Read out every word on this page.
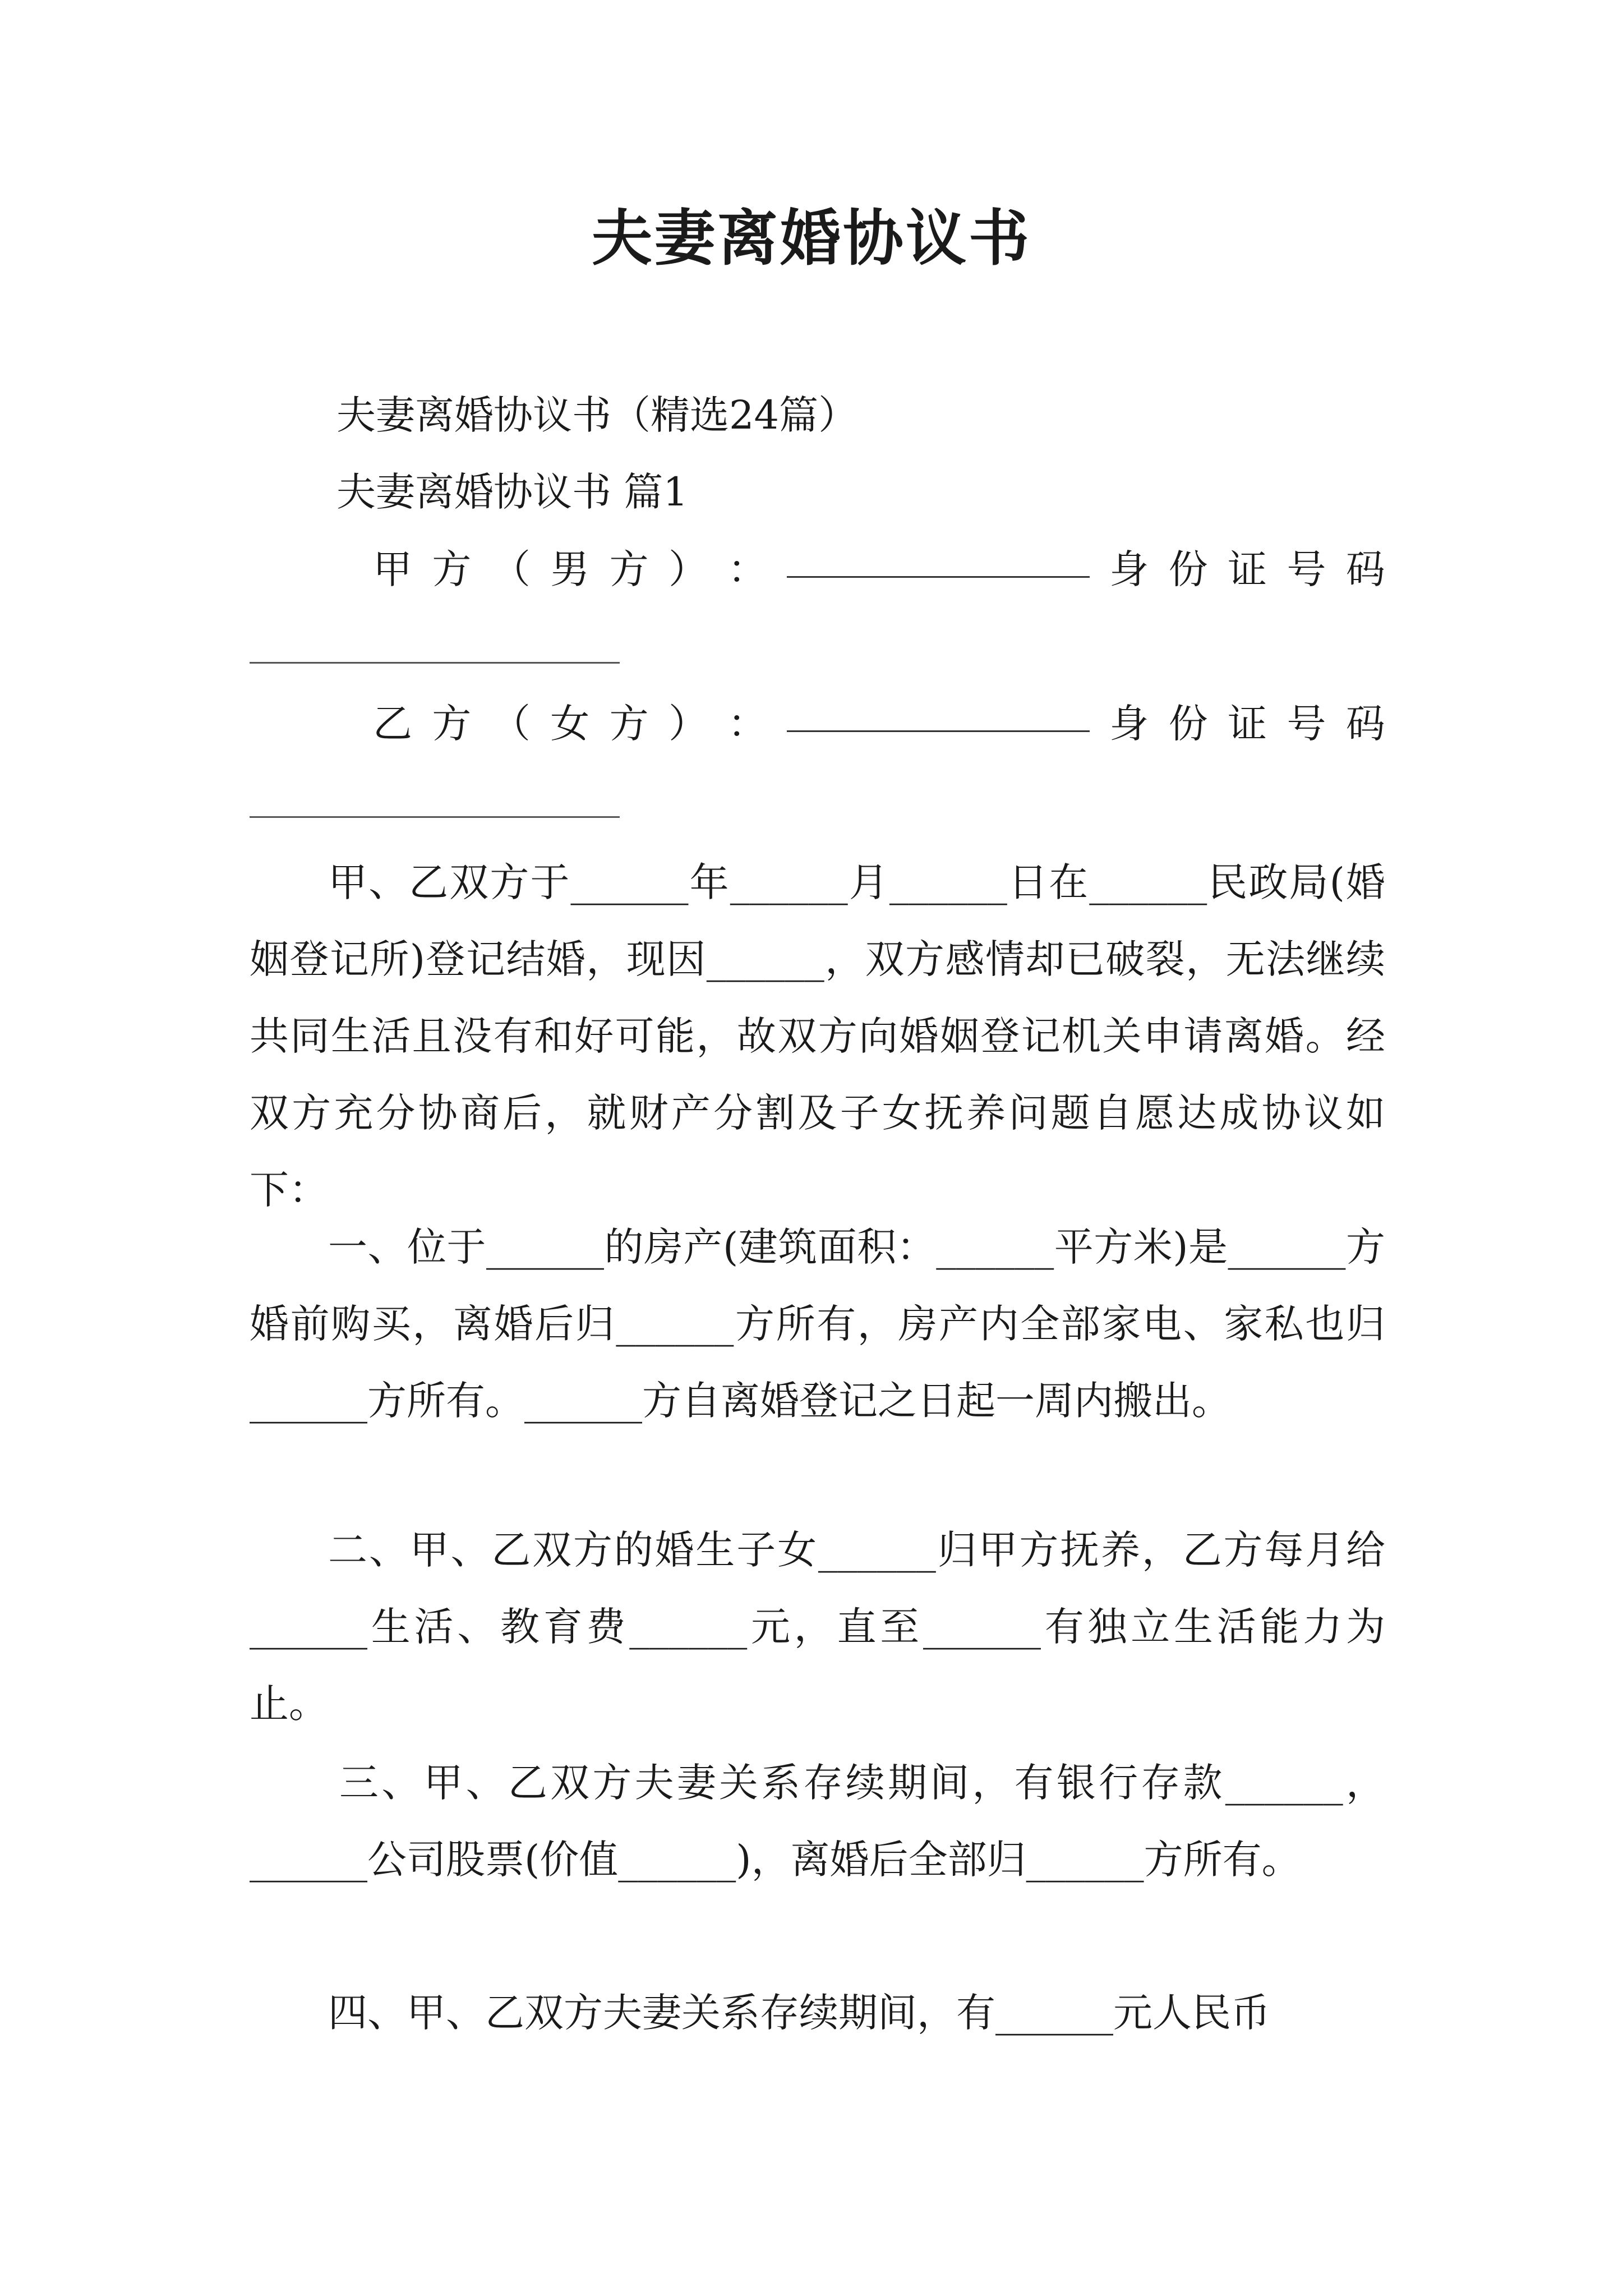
夫妻离婚协议书
夫妻离婚协议书（精选24篇）
夫妻离婚协议书 篇1
甲 方 （ 男 方 ） ：	身 份 证 号 码
乙 方 （ 女 方 ） ：	身 份 证 号 码
甲、乙双方于______年______月______日在______民政局(婚姻登记所)登记结婚，现因______，双方感情却已破裂，无法继续共同生活且没有和好可能，故双方向婚姻登记机关申请离婚。经双方充分协商后，就财产分割及子女抚养问题自愿达成协议如下：
一、位于______的房产(建筑面积：______平方米)是______方婚前购买，离婚后归______方所有，房产内全部家电、家私也归______方所有。______方自离婚登记之日起一周内搬出。
二、甲、乙双方的婚生子女______归甲方抚养，乙方每月给______生活、教育费______元，直至______有独立生活能力为止。
三、甲、乙双方夫妻关系存续期间，有银行存款______，______公司股票(价值______)，离婚后全部归______方所有。
四、甲、乙双方夫妻关系存续期间，有______元人民币
